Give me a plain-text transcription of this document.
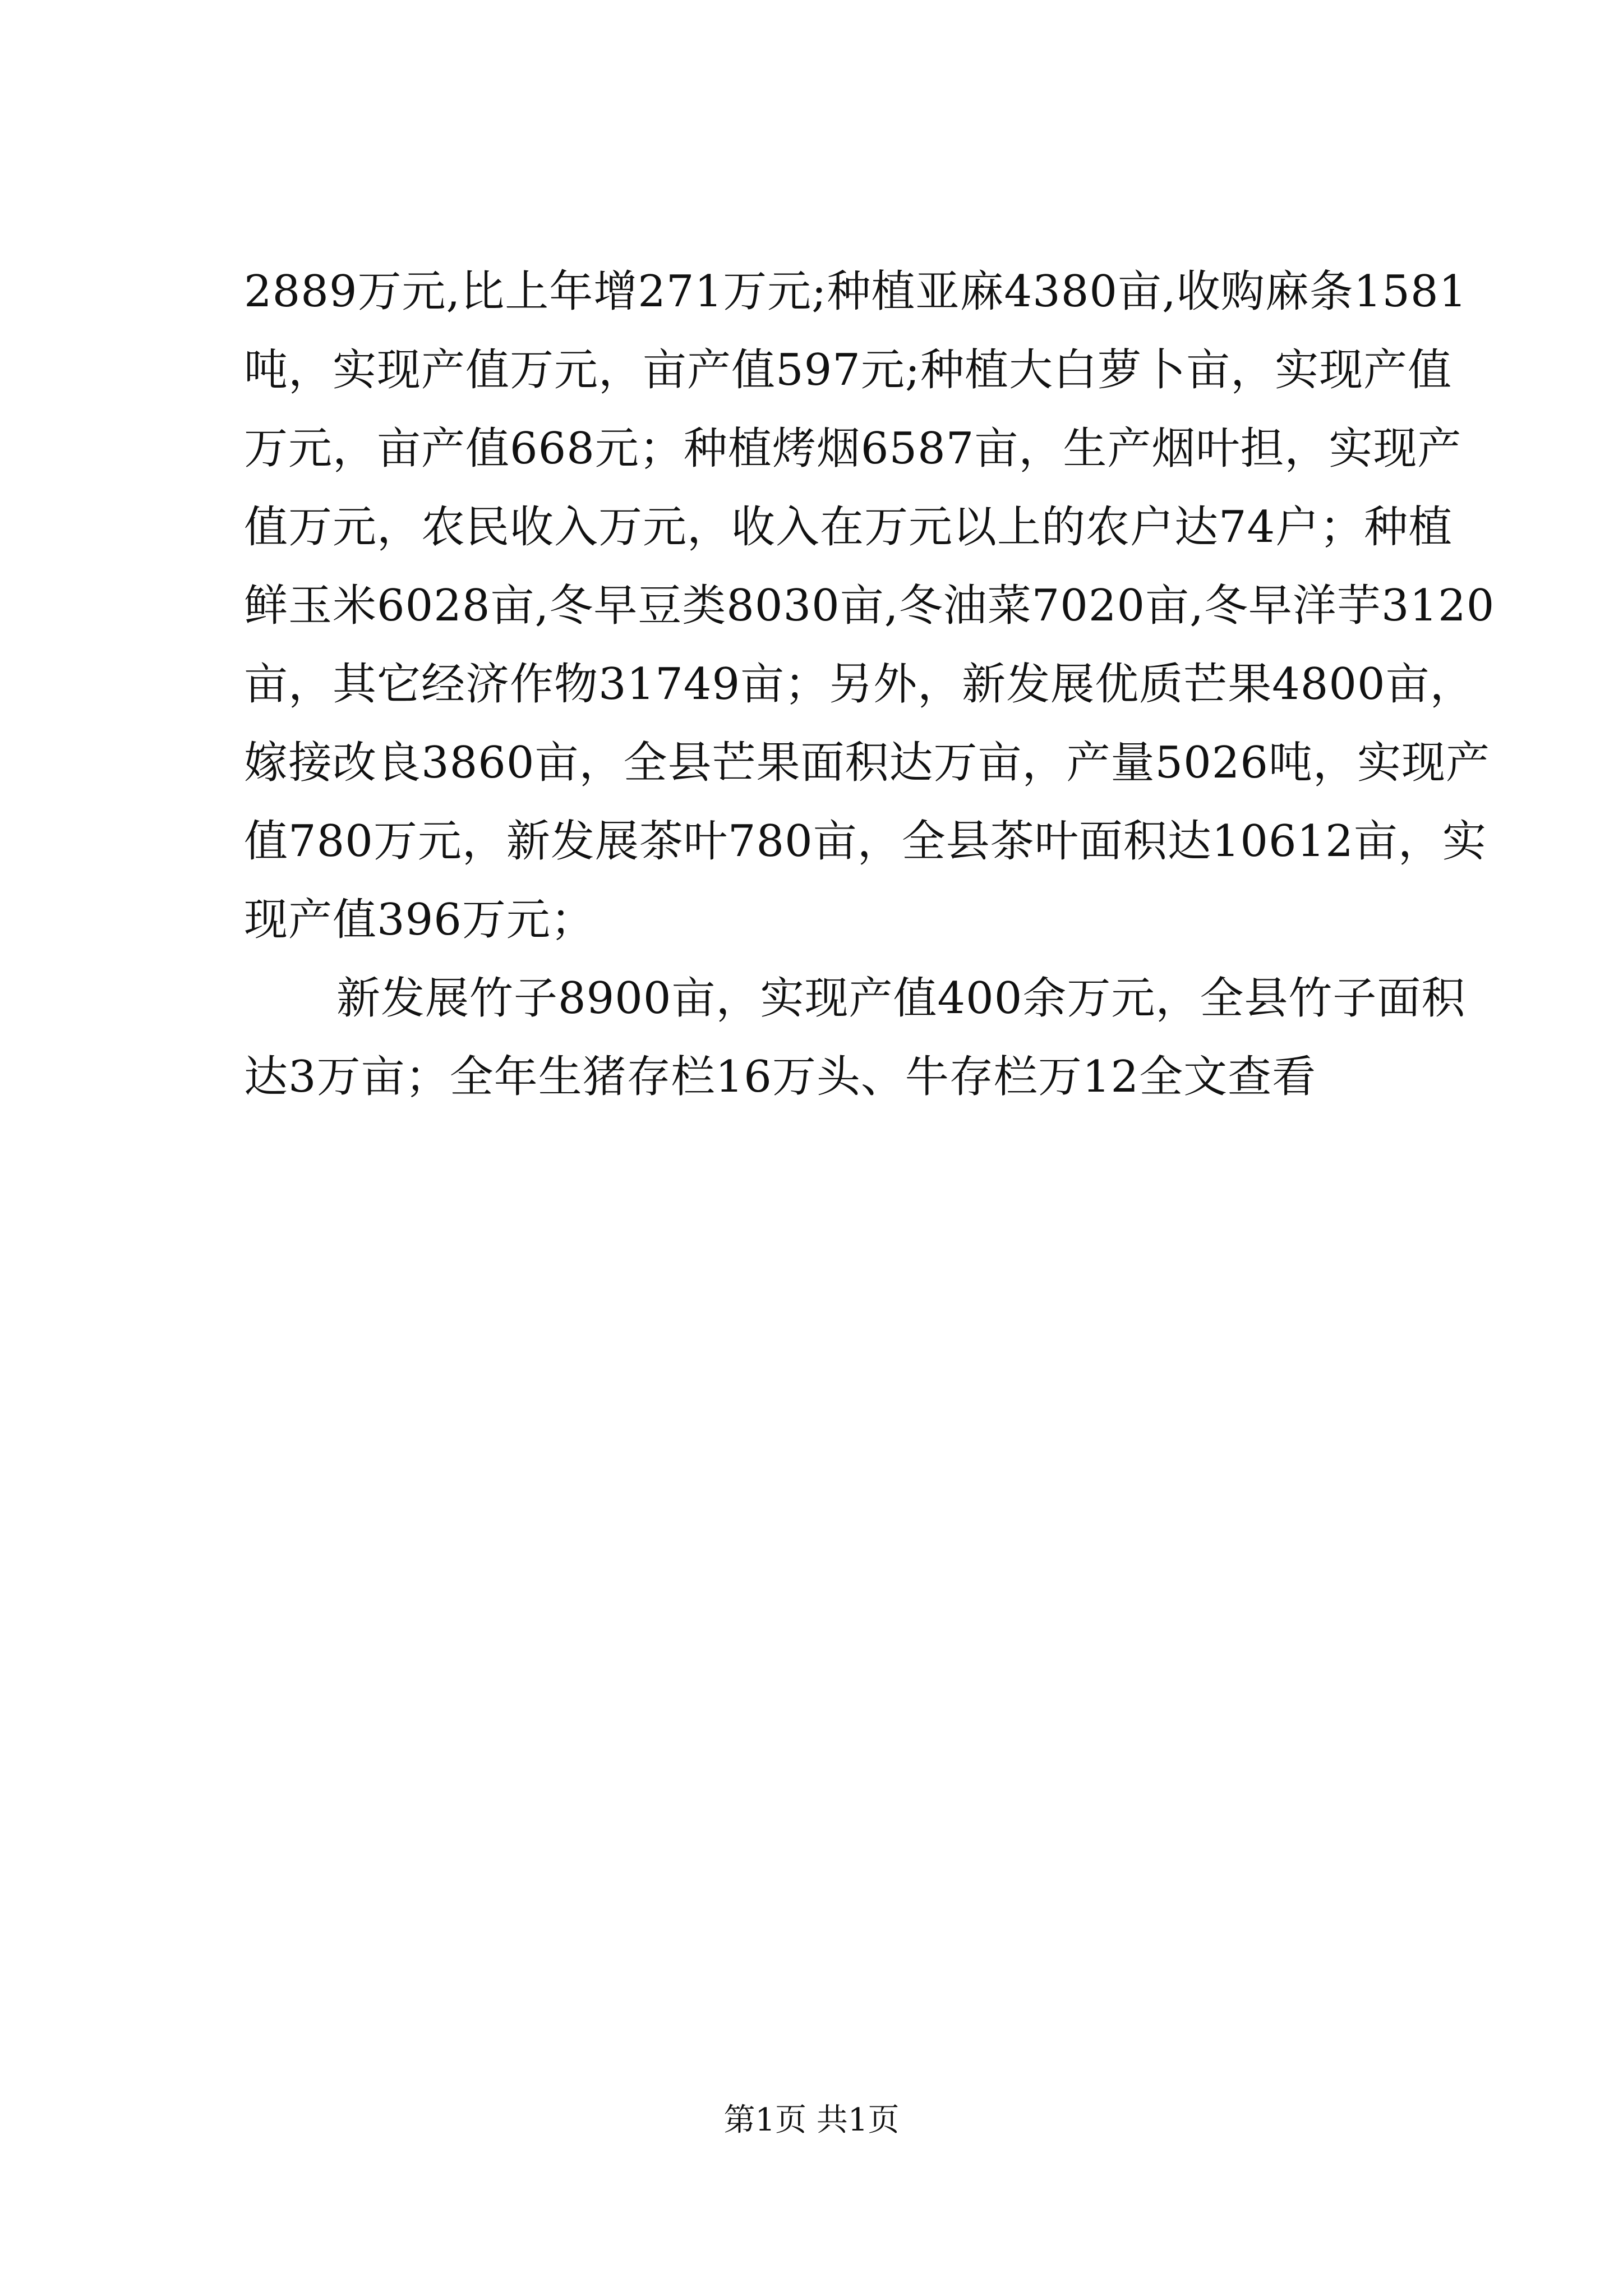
2889万元,比上年增271万元;种植亚麻4380亩,收购麻条1581
吨，实现产值万元，亩产值597元;种植大白萝卜亩，实现产值
万元，亩产值668元；种植烤烟6587亩，生产烟叶担，实现产
值万元，农民收入万元，收入在万元以上的农户达74户；种植
鲜玉米6028亩,冬早豆类8030亩,冬油菜7020亩,冬早洋芋3120
亩，其它经济作物31749亩；另外，新发展优质芒果4800亩，
嫁接改良3860亩，全县芒果面积达万亩，产量5026吨，实现产
值780万元，新发展茶叶780亩，全县茶叶面积达10612亩，实
现产值396万元；
新发展竹子8900亩，实现产值400余万元，全县竹子面积
达3万亩；全年生猪存栏16万头、牛存栏万12全文查看
第1页 共1页
